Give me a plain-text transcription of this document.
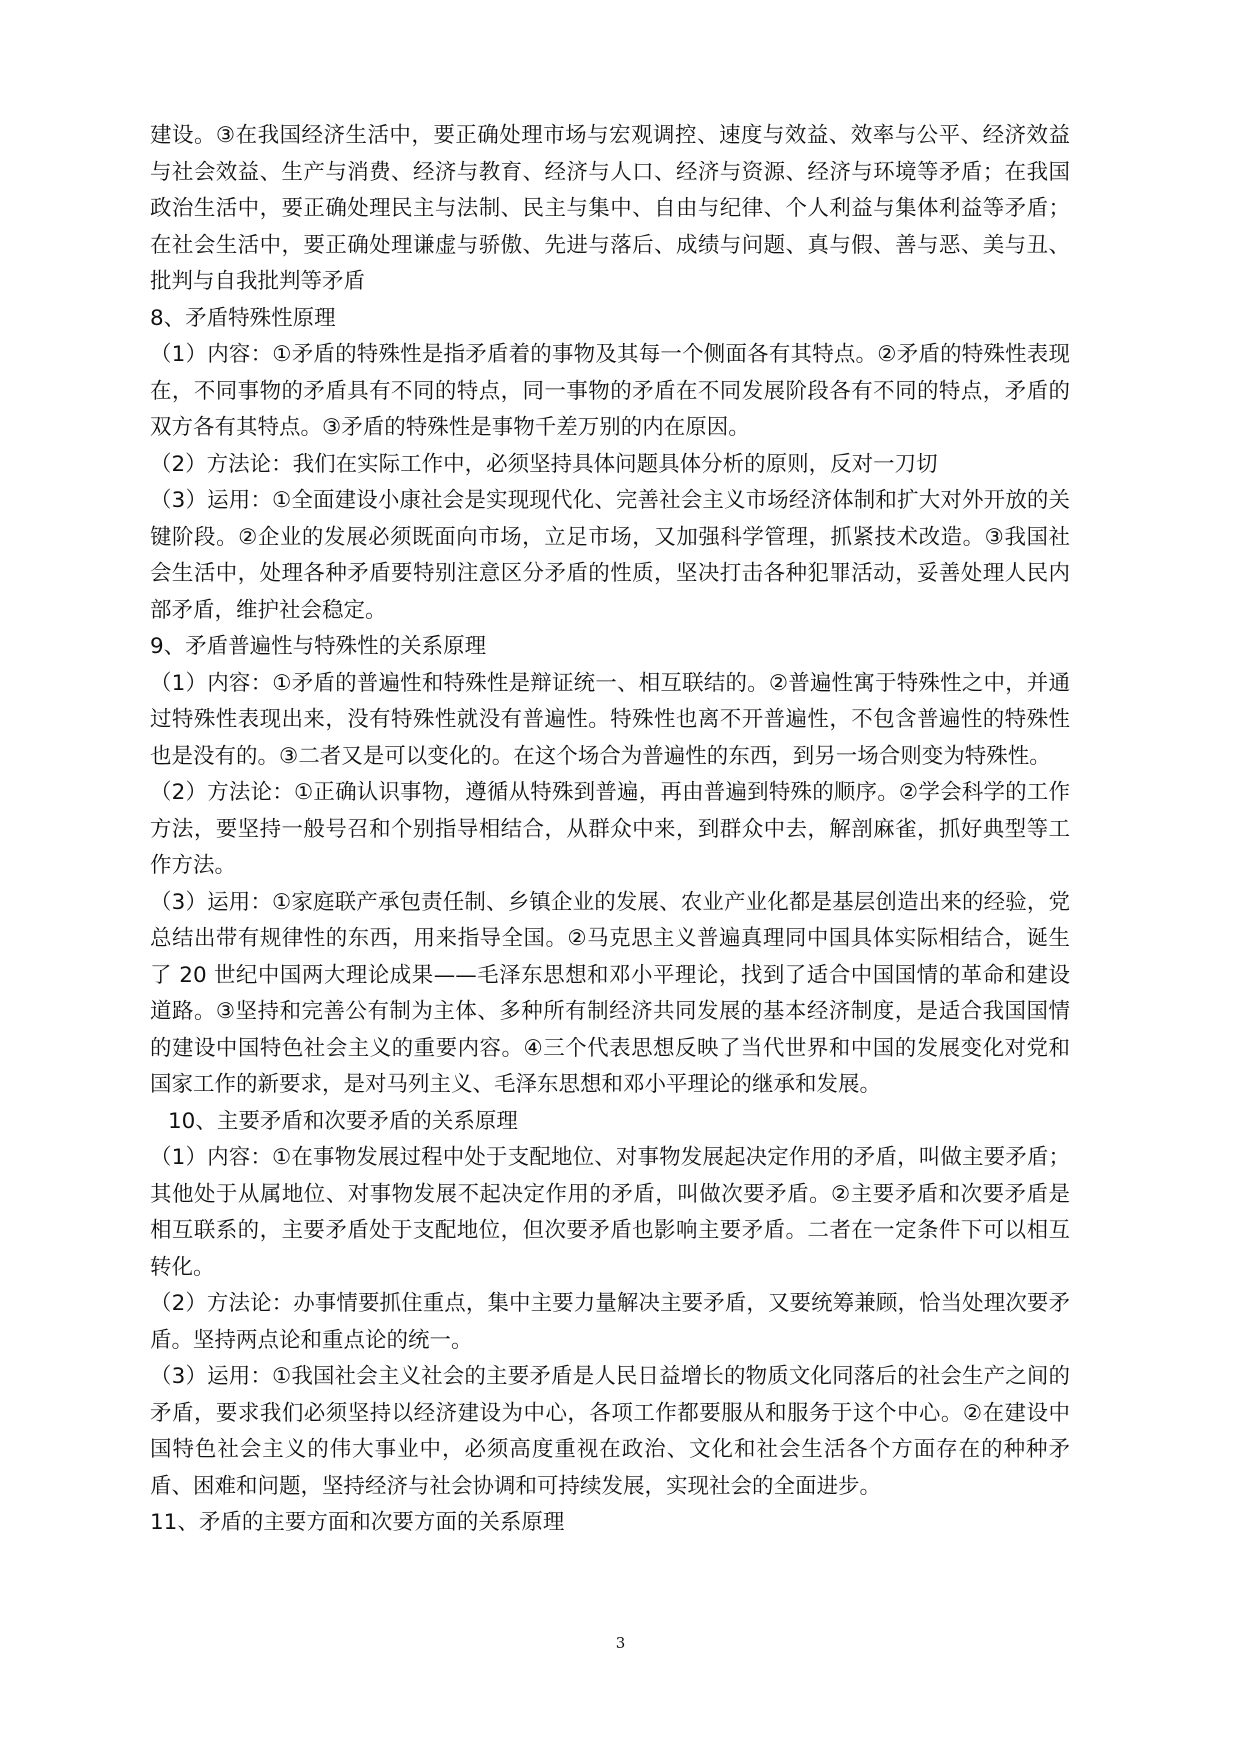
建设。③在我国经济生活中，要正确处理市场与宏观调控、速度与效益、效率与公平、经济效益与社会效益、生产与消费、经济与教育、经济与人口、经济与资源、经济与环境等矛盾；在我国政治生活中，要正确处理民主与法制、民主与集中、自由与纪律、个人利益与集体利益等矛盾；在社会生活中，要正确处理谦虚与骄傲、先进与落后、成绩与问题、真与假、善与恶、美与丑、批判与自我批判等矛盾

8、矛盾特殊性原理

（1）内容：①矛盾的特殊性是指矛盾着的事物及其每一个侧面各有其特点。②矛盾的特殊性表现在，不同事物的矛盾具有不同的特点，同一事物的矛盾在不同发展阶段各有不同的特点，矛盾的双方各有其特点。③矛盾的特殊性是事物千差万别的内在原因。

（2）方法论：我们在实际工作中，必须坚持具体问题具体分析的原则，反对一刀切

（3）运用：①全面建设小康社会是实现现代化、完善社会主义市场经济体制和扩大对外开放的关键阶段。②企业的发展必须既面向市场，立足市场，又加强科学管理，抓紧技术改造。③我国社会生活中，处理各种矛盾要特别注意区分矛盾的性质，坚决打击各种犯罪活动，妥善处理人民内部矛盾，维护社会稳定。

9、矛盾普遍性与特殊性的关系原理

（1）内容：①矛盾的普遍性和特殊性是辩证统一、相互联结的。②普遍性寓于特殊性之中，并通过特殊性表现出来，没有特殊性就没有普遍性。特殊性也离不开普遍性，不包含普遍性的特殊性也是没有的。③二者又是可以变化的。在这个场合为普遍性的东西，到另一场合则变为特殊性。

（2）方法论：①正确认识事物，遵循从特殊到普遍，再由普遍到特殊的顺序。②学会科学的工作方法，要坚持一般号召和个别指导相结合，从群众中来，到群众中去，解剖麻雀，抓好典型等工作方法。

（3）运用：①家庭联产承包责任制、乡镇企业的发展、农业产业化都是基层创造出来的经验，党总结出带有规律性的东西，用来指导全国。②马克思主义普遍真理同中国具体实际相结合，诞生了 20 世纪中国两大理论成果——毛泽东思想和邓小平理论，找到了适合中国国情的革命和建设道路。③坚持和完善公有制为主体、多种所有制经济共同发展的基本经济制度，是适合我国国情的建设中国特色社会主义的重要内容。④三个代表思想反映了当代世界和中国的发展变化对党和国家工作的新要求，是对马列主义、毛泽东思想和邓小平理论的继承和发展。

10、主要矛盾和次要矛盾的关系原理

（1）内容：①在事物发展过程中处于支配地位、对事物发展起决定作用的矛盾，叫做主要矛盾；其他处于从属地位、对事物发展不起决定作用的矛盾，叫做次要矛盾。②主要矛盾和次要矛盾是相互联系的，主要矛盾处于支配地位，但次要矛盾也影响主要矛盾。二者在一定条件下可以相互转化。

（2）方法论：办事情要抓住重点，集中主要力量解决主要矛盾，又要统筹兼顾，恰当处理次要矛盾。坚持两点论和重点论的统一。

（3）运用：①我国社会主义社会的主要矛盾是人民日益增长的物质文化同落后的社会生产之间的矛盾，要求我们必须坚持以经济建设为中心，各项工作都要服从和服务于这个中心。②在建设中国特色社会主义的伟大事业中，必须高度重视在政治、文化和社会生活各个方面存在的种种矛盾、困难和问题，坚持经济与社会协调和可持续发展，实现社会的全面进步。

11、矛盾的主要方面和次要方面的关系原理

3
